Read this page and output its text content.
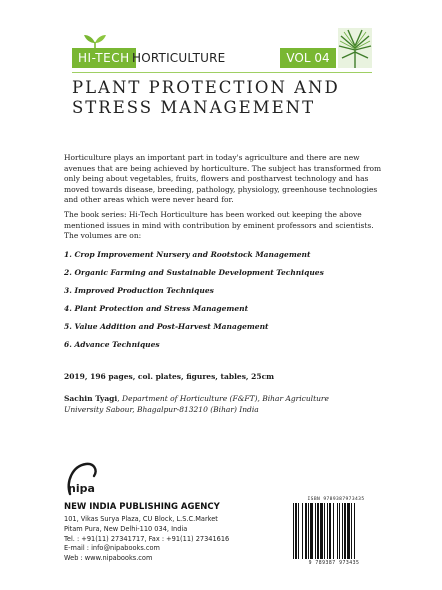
HI-TECH HORTICULTURE	VOL 04
PLANT PROTECTION AND
STRESS MANAGEMENT

Horticulture plays an important part in today's agriculture and there are new avenues that are being achieved by horticulture. The subject has transformed from only being about vegetables, fruits, flowers and postharvest technology and has moved towards disease, breeding, pathology, physiology, greenhouse technologies and other areas which were never heard for.

The book series: Hi-Tech Horticulture has been worked out keeping the above mentioned issues in mind with contribution by eminent professors and scientists. The volumes are on:

1. Crop Improvement Nursery and Rootstock Management
2. Organic Farming and Sustainable Development Techniques
3. Improved Production Techniques
4. Plant Protection and Stress Management
5. Value Addition and Post-Harvest Management
6. Advance Techniques
2019, 196 pages, col. plates, figures, tables, 25cm
Sachin Tyagi, Department of Horticulture (F&FT), Bihar Agriculture
University Sabour, Bhagalpur-813210 (Bihar) India
nipa
NEW INDIA PUBLISHING AGENCY
101, Vikas Surya Plaza, CU Block, L.S.C.Market
Pitam Pura, New Delhi-110 034, India
Tel. : +91(11) 27341717, Fax : +91(11) 27341616
E-mail : info@nipabooks.com
Web : www.nipabooks.com
ISBN 9789387973435
9 789387 973435
